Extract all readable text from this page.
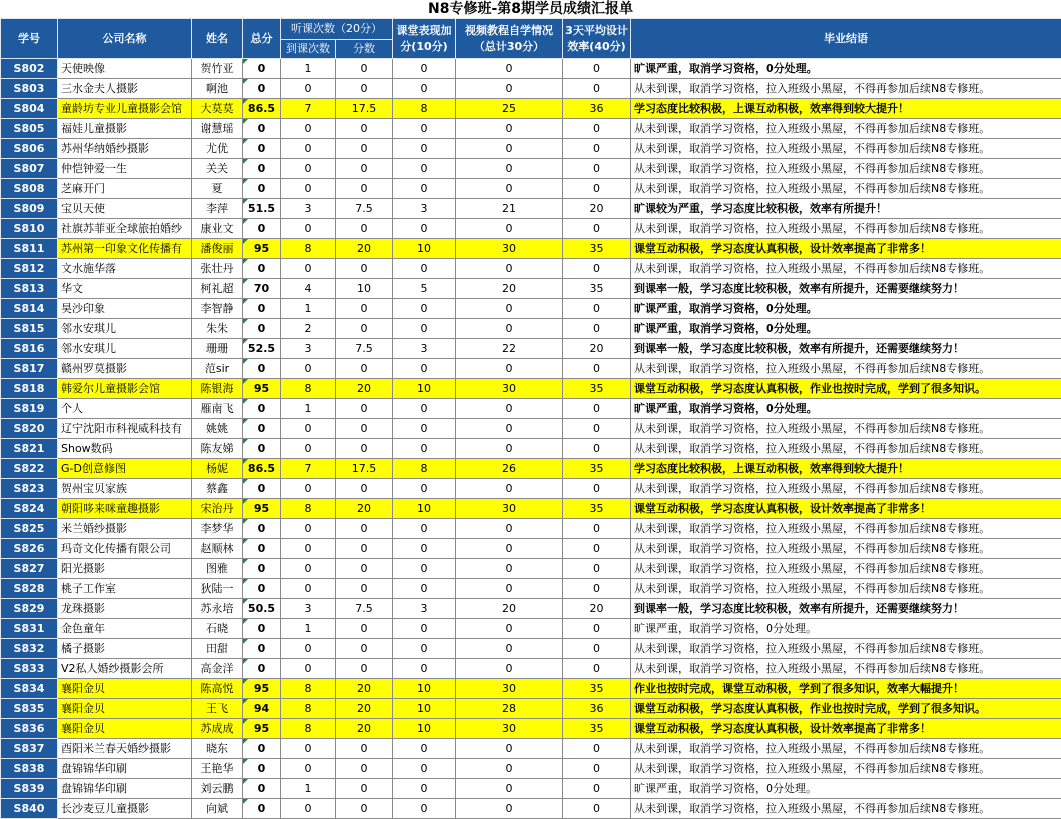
N8专修班-第8期学员成绩汇报单
学号	公司名称	姓名	总分	听课次数（20分）		课堂表现加分(10分)	视频教程自学情况（总计30分）	3天平均设计效率(40分)	毕业结语
				到课次数	分数				
S802	天使映像	贺竹亚	0	1	0	0	0	0	旷课严重，取消学习资格，0分处理。
S803	三水金夫人摄影	啊池	0	0	0	0	0	0	从未到课，取消学习资格，拉入班级小黑屋，不得再参加后续N8专修班。
S804	童龄坊专业儿童摄影会馆	大莫莫	86.5	7	17.5	8	25	36	学习态度比较积极，上课互动积极，效率得到较大提升！
S805	福娃儿童摄影	谢慧瑶	0	0	0	0	0	0	从未到课，取消学习资格，拉入班级小黑屋，不得再参加后续N8专修班。
S806	苏州华纳婚纱摄影	尤优	0	0	0	0	0	0	从未到课，取消学习资格，拉入班级小黑屋，不得再参加后续N8专修班。
S807	仲恺钟爱一生	关关	0	0	0	0	0	0	从未到课，取消学习资格，拉入班级小黑屋，不得再参加后续N8专修班。
S808	芝麻开门	夏	0	0	0	0	0	0	从未到课，取消学习资格，拉入班级小黑屋，不得再参加后续N8专修班。
S809	宝贝天使	李萍	51.5	3	7.5	3	21	20	旷课较为严重，学习态度比较积极，效率有所提升！
S810	社旗苏菲亚全球旅拍婚纱	康业文	0	0	0	0	0	0	从未到课，取消学习资格，拉入班级小黑屋，不得再参加后续N8专修班。
S811	苏州第一印象文化传播有	潘俊丽	95	8	20	10	30	35	课堂互动积极，学习态度认真积极，设计效率提高了非常多！
S812	文水施华落	张壮丹	0	0	0	0	0	0	从未到课，取消学习资格，拉入班级小黑屋，不得再参加后续N8专修班。
S813	华文	柯礼超	70	4	10	5	20	35	到课率一般，学习态度比较积极，效率有所提升，还需要继续努力！
S814	昊沙印象	李智静	0	1	0	0	0	0	旷课严重，取消学习资格，0分处理。
S815	邻水安琪儿	朱朱	0	2	0	0	0	0	旷课严重，取消学习资格，0分处理。
S816	邻水安琪儿	珊珊	52.5	3	7.5	3	22	20	到课率一般，学习态度比较积极，效率有所提升，还需要继续努力！
S817	赣州罗莫摄影	范sir	0	0	0	0	0	0	从未到课，取消学习资格，拉入班级小黑屋，不得再参加后续N8专修班。
S818	韩爱尔儿童摄影会馆	陈银海	95	8	20	10	30	35	课堂互动积极，学习态度认真积极，作业也按时完成，学到了很多知识。
S819	个人	雁南飞	0	1	0	0	0	0	旷课严重，取消学习资格，0分处理。
S820	辽宁沈阳市科视威科技有	姚姚	0	0	0	0	0	0	从未到课，取消学习资格，拉入班级小黑屋，不得再参加后续N8专修班。
S821	Show数码	陈友娣	0	0	0	0	0	0	从未到课，取消学习资格，拉入班级小黑屋，不得再参加后续N8专修班。
S822	G-D创意修图	杨妮	86.5	7	17.5	8	26	35	学习态度比较积极，上课互动积极，效率得到较大提升！
S823	贺州宝贝家族	蔡鑫	0	0	0	0	0	0	从未到课，取消学习资格，拉入班级小黑屋，不得再参加后续N8专修班。
S824	朝阳哆来咪童趣摄影	宋治丹	95	8	20	10	30	35	课堂互动积极，学习态度认真积极，设计效率提高了非常多！
S825	米兰婚纱摄影	李梦华	0	0	0	0	0	0	从未到课，取消学习资格，拉入班级小黑屋，不得再参加后续N8专修班。
S826	玛奇文化传播有限公司	赵顺林	0	0	0	0	0	0	从未到课，取消学习资格，拉入班级小黑屋，不得再参加后续N8专修班。
S827	阳光摄影	图雅	0	0	0	0	0	0	从未到课，取消学习资格，拉入班级小黑屋，不得再参加后续N8专修班。
S828	桃子工作室	狄陆一	0	0	0	0	0	0	从未到课，取消学习资格，拉入班级小黑屋，不得再参加后续N8专修班。
S829	龙珠摄影	苏永培	50.5	3	7.5	3	20	20	到课率一般，学习态度比较积极，效率有所提升，还需要继续努力！
S831	金色童年	石晓	0	1	0	0	0	0	旷课严重，取消学习资格，0分处理。
S832	橘子摄影	田甜	0	0	0	0	0	0	从未到课，取消学习资格，拉入班级小黑屋，不得再参加后续N8专修班。
S833	V2私人婚纱摄影会所	高金洋	0	0	0	0	0	0	从未到课，取消学习资格，拉入班级小黑屋，不得再参加后续N8专修班。
S834	襄阳金贝	陈高悦	95	8	20	10	30	35	作业也按时完成，课堂互动积极，学到了很多知识，效率大幅提升！
S835	襄阳金贝	王飞	94	8	20	10	28	36	课堂互动积极，学习态度认真积极，作业也按时完成，学到了很多知识。
S836	襄阳金贝	苏成成	95	8	20	10	30	35	课堂互动积极，学习态度认真积极，设计效率提高了非常多！
S837	酉阳米兰春天婚纱摄影	晓东	0	0	0	0	0	0	从未到课，取消学习资格，拉入班级小黑屋，不得再参加后续N8专修班。
S838	盘锦锦华印刷	王艳华	0	0	0	0	0	0	从未到课，取消学习资格，拉入班级小黑屋，不得再参加后续N8专修班。
S839	盘锦锦华印刷	刘云鹏	0	1	0	0	0	0	旷课严重，取消学习资格，0分处理。
S840	长沙麦豆儿童摄影	向斌	0	0	0	0	0	0	从未到课，取消学习资格，拉入班级小黑屋，不得再参加后续N8专修班。
